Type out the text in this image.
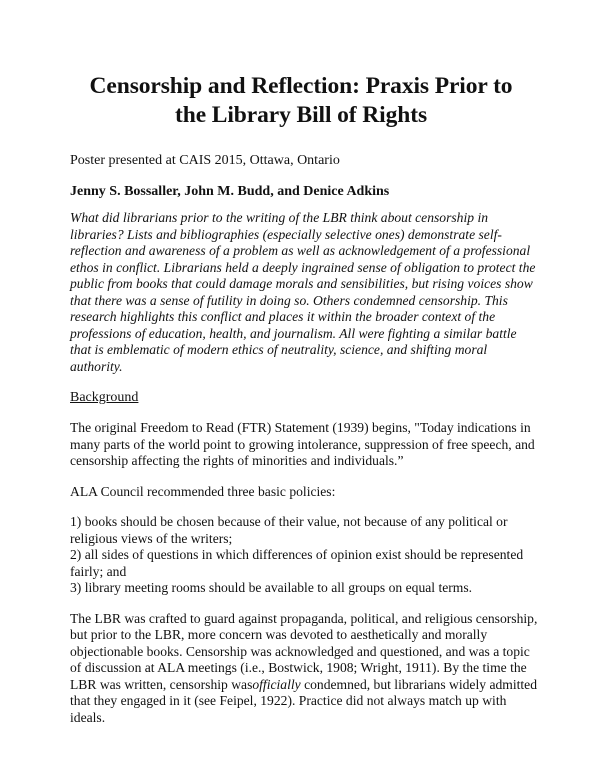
Censorship and Reflection: Praxis Prior to
the Library Bill of Rights

Poster presented at CAIS 2015, Ottawa, Ontario

Jenny S. Bossaller, John M. Budd, and Denice Adkins

What did librarians prior to the writing of the LBR think about censorship in
libraries? Lists and bibliographies (especially selective ones) demonstrate self-
reflection and awareness of a problem as well as acknowledgement of a professional
ethos in conflict. Librarians held a deeply ingrained sense of obligation to protect the
public from books that could damage morals and sensibilities, but rising voices show
that there was a sense of futility in doing so. Others condemned censorship. This
research highlights this conflict and places it within the broader context of the
professions of education, health, and journalism. All were fighting a similar battle
that is emblematic of modern ethics of neutrality, science, and shifting moral
authority.

Background

The original Freedom to Read (FTR) Statement (1939) begins, "Today indications in
many parts of the world point to growing intolerance, suppression of free speech, and
censorship affecting the rights of minorities and individuals.”

ALA Council recommended three basic policies:

1) books should be chosen because of their value, not because of any political or
religious views of the writers;
2) all sides of questions in which differences of opinion exist should be represented
fairly; and
3) library meeting rooms should be available to all groups on equal terms.
The LBR was crafted to guard against propaganda, political, and religious censorship,
but prior to the LBR, more concern was devoted to aesthetically and morally
objectionable books. Censorship was acknowledged and questioned, and was a topic
of discussion at ALA meetings (i.e., Bostwick, 1908; Wright, 1911). By the time the
LBR was written, censorship wasofficially condemned, but librarians widely admitted
that they engaged in it (see Feipel, 1922). Practice did not always match up with
ideals.
